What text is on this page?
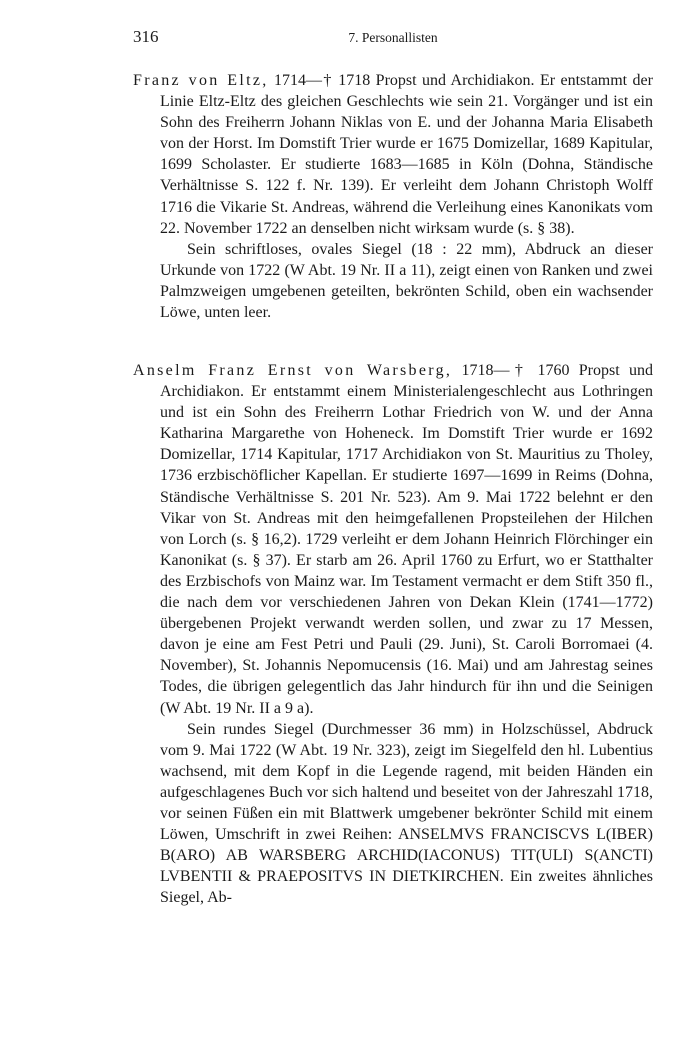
316	7. Personallisten

Franz von Eltz, 1714—† 1718 Propst und Archidiakon. Er entstammt der Linie Eltz-Eltz des gleichen Geschlechts wie sein 21. Vorgänger und ist ein Sohn des Freiherrn Johann Niklas von E. und der Johanna Maria Elisabeth von der Horst. Im Domstift Trier wurde er 1675 Domizellar, 1689 Kapitular, 1699 Scholaster. Er studierte 1683—1685 in Köln (Dohna, Ständische Verhältnisse S. 122 f. Nr. 139). Er verleiht dem Johann Christoph Wolff 1716 die Vikarie St. Andreas, während die Verleihung eines Kanonikats vom 22. November 1722 an denselben nicht wirksam wurde (s. § 38).

Sein schriftloses, ovales Siegel (18 : 22 mm), Abdruck an dieser Urkunde von 1722 (W Abt. 19 Nr. II a 11), zeigt einen von Ranken und zwei Palmzweigen umgebenen geteilten, bekrönten Schild, oben ein wachsender Löwe, unten leer.

Anselm Franz Ernst von Warsberg, 1718—† 1760 Propst und Archidiakon. Er entstammt einem Ministerialengeschlecht aus Lothringen und ist ein Sohn des Freiherrn Lothar Friedrich von W. und der Anna Katharina Margarethe von Hoheneck. Im Domstift Trier wurde er 1692 Domizellar, 1714 Kapitular, 1717 Archidiakon von St. Mauritius zu Tholey, 1736 erzbischöflicher Kapellan. Er studierte 1697—1699 in Reims (Dohna, Ständische Verhältnisse S. 201 Nr. 523). Am 9. Mai 1722 belehnt er den Vikar von St. Andreas mit den heimgefallenen Propsteilehen der Hilchen von Lorch (s. § 16,2). 1729 verleiht er dem Johann Heinrich Flörchinger ein Kanonikat (s. § 37). Er starb am 26. April 1760 zu Erfurt, wo er Statthalter des Erzbischofs von Mainz war. Im Testament vermacht er dem Stift 350 fl., die nach dem vor verschiedenen Jahren von Dekan Klein (1741—1772) übergebenen Projekt verwandt werden sollen, und zwar zu 17 Messen, davon je eine am Fest Petri und Pauli (29. Juni), St. Caroli Borromaei (4. November), St. Johannis Nepomucensis (16. Mai) und am Jahrestag seines Todes, die übrigen gelegentlich das Jahr hindurch für ihn und die Seinigen (W Abt. 19 Nr. II a 9 a).

Sein rundes Siegel (Durchmesser 36 mm) in Holzschüssel, Abdruck vom 9. Mai 1722 (W Abt. 19 Nr. 323), zeigt im Siegelfeld den hl. Lubentius wachsend, mit dem Kopf in die Legende ragend, mit beiden Händen ein aufgeschlagenes Buch vor sich haltend und beseitet von der Jahreszahl 1718, vor seinen Füßen ein mit Blattwerk umgebener bekrönter Schild mit einem Löwen, Umschrift in zwei Reihen: ANSELMVS FRANCISCVS L(IBER) B(ARO) AB WARSBERG ARCHID(IACONUS) TIT(ULI) S(ANCTI) LVBENTII & PRAEPOSITVS IN DIETKIRCHEN. Ein zweites ähnliches Siegel, Ab-
